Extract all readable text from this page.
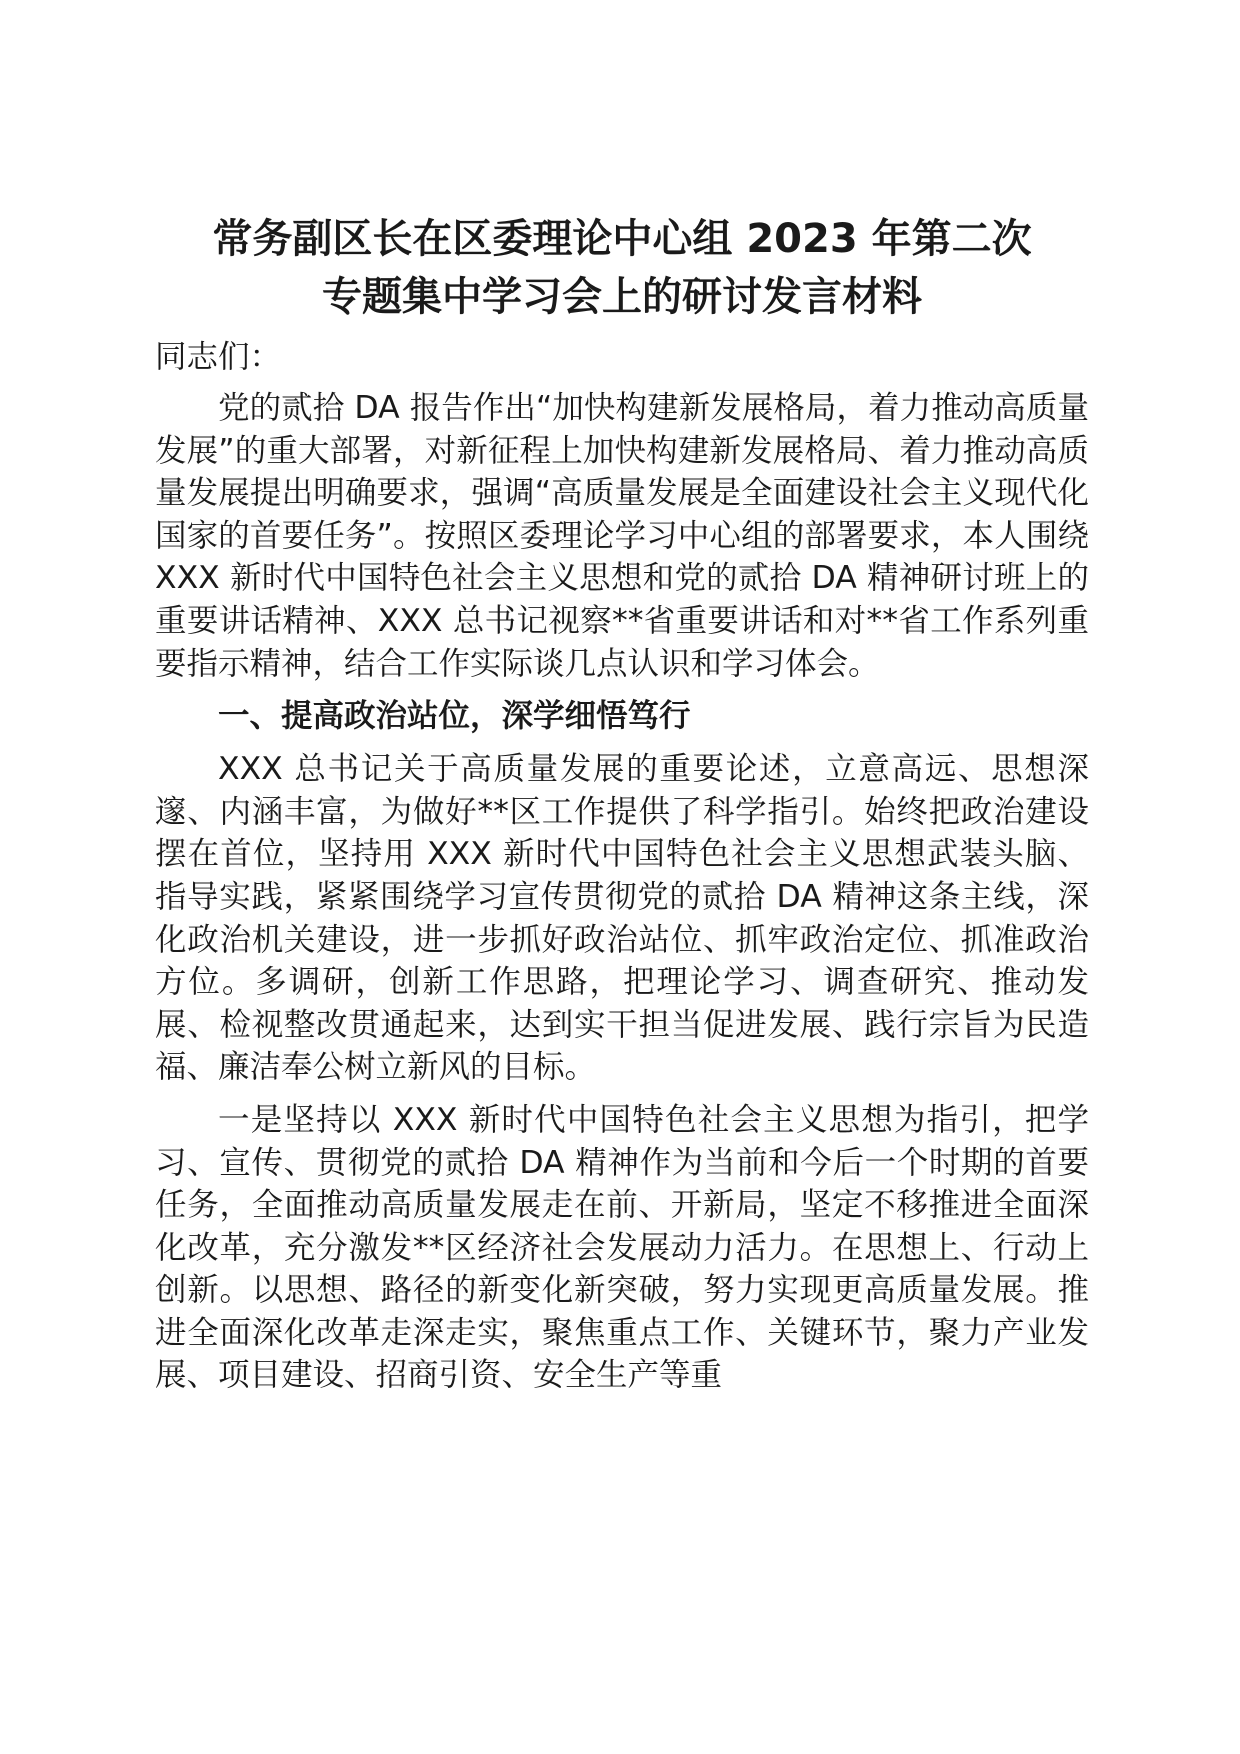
常务副区长在区委理论中心组 2023 年第二次
专题集中学习会上的研讨发言材料
同志们：
党的贰拾 DA 报告作出“加快构建新发展格局，着力推动高质量发展”的重大部署，对新征程上加快构建新发展格局、着力推动高质量发展提出明确要求，强调“高质量发展是全面建设社会主义现代化国家的首要任务”。按照区委理论学习中心组的部署要求，本人围绕 XXX 新时代中国特色社会主义思想和党的贰拾 DA 精神研讨班上的重要讲话精神、XXX 总书记视察**省重要讲话和对**省工作系列重要指示精神，结合工作实际谈几点认识和学习体会。
一、提高政治站位，深学细悟笃行
XXX 总书记关于高质量发展的重要论述，立意高远、思想深邃、内涵丰富，为做好**区工作提供了科学指引。始终把政治建设摆在首位，坚持用 XXX 新时代中国特色社会主义思想武装头脑、指导实践，紧紧围绕学习宣传贯彻党的贰拾 DA 精神这条主线，深化政治机关建设，进一步抓好政治站位、抓牢政治定位、抓准政治方位。多调研，创新工作思路，把理论学习、调查研究、推动发展、检视整改贯通起来，达到实干担当促进发展、践行宗旨为民造福、廉洁奉公树立新风的目标。
一是坚持以 XXX 新时代中国特色社会主义思想为指引，把学习、宣传、贯彻党的贰拾 DA 精神作为当前和今后一个时期的首要任务，全面推动高质量发展走在前、开新局，坚定不移推进全面深化改革，充分激发**区经济社会发展动力活力。在思想上、行动上创新。以思想、路径的新变化新突破，努力实现更高质量发展。推进全面深化改革走深走实，聚焦重点工作、关键环节，聚力产业发展、项目建设、招商引资、安全生产等重
